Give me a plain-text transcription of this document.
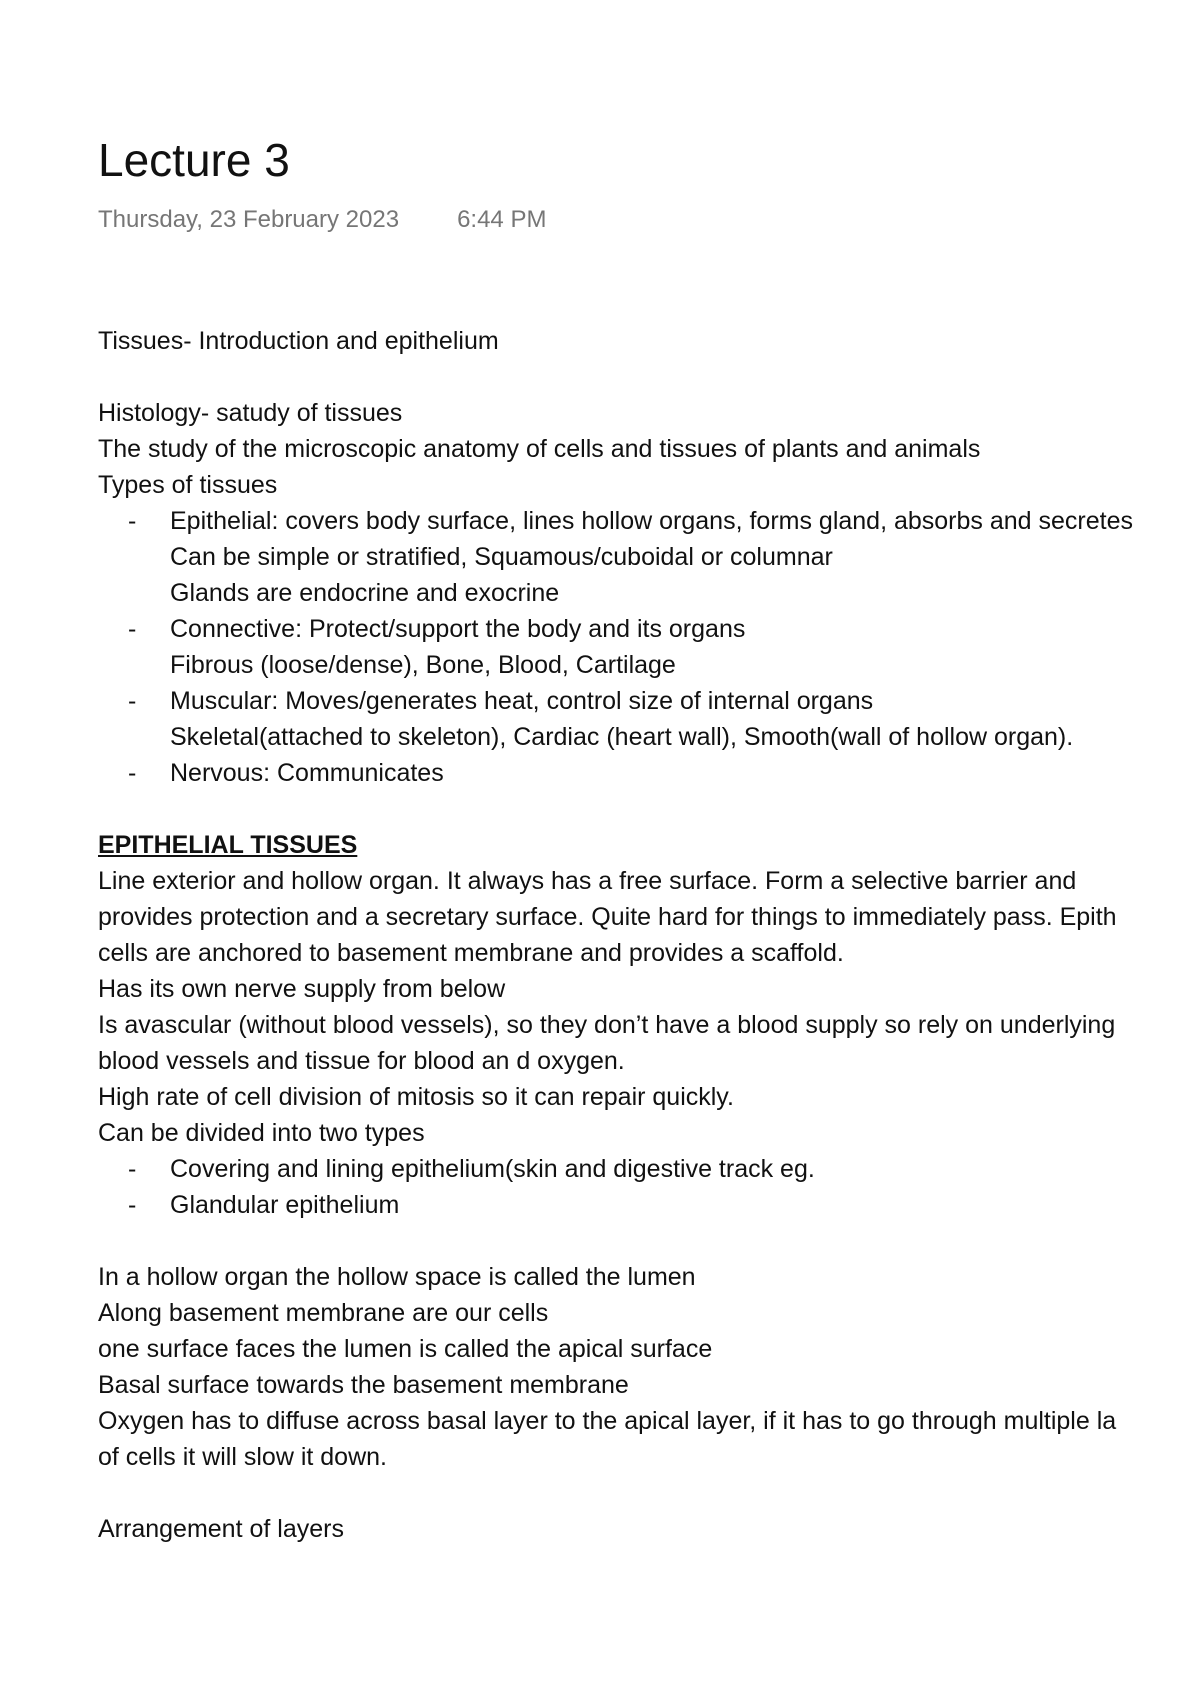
Lecture 3
Thursday, 23 February 2023 6:44 PM
Tissues- Introduction and epithelium
Histology- satudy of tissues
The study of the microscopic anatomy of cells and tissues of plants and animals
Types of tissues
-	Epithelial: covers body surface, lines hollow organs, forms gland, absorbs and secretes
Can be simple or stratified, Squamous/cuboidal or columnar
Glands are endocrine and exocrine
-	Connective: Protect/support the body and its organs
Fibrous (loose/dense), Bone, Blood, Cartilage
-	Muscular: Moves/generates heat, control size of internal organs
Skeletal(attached to skeleton), Cardiac (heart wall), Smooth(wall of hollow organ).
-	Nervous: Communicates
EPITHELIAL TISSUES
Line exterior and hollow organ. It always has a free surface. Form a selective barrier and
provides protection and a secretary surface. Quite hard for things to immediately pass. Epith
cells are anchored to basement membrane and provides a scaffold.
Has its own nerve supply from below
Is avascular (without blood vessels), so they don’t have a blood supply so rely on underlying
blood vessels and tissue for blood an d oxygen.
High rate of cell division of mitosis so it can repair quickly.
Can be divided into two types
-	Covering and lining epithelium(skin and digestive track eg.
-	Glandular epithelium
In a hollow organ the hollow space is called the lumen
Along basement membrane are our cells
one surface faces the lumen is called the apical surface
Basal surface towards the basement membrane
Oxygen has to diffuse across basal layer to the apical layer, if it has to go through multiple la
of cells it will slow it down.
Arrangement of layers
